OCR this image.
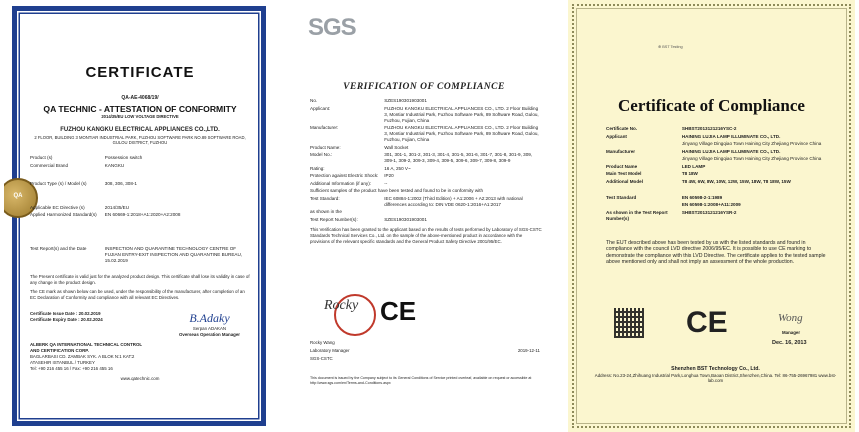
QA
CERTIFICATE
QA-AE-4068/19/
QA TECHNIC - ATTESTATION OF CONFORMITY
2014/35/EU LOW VOLTAGE DIRECTIVE
FUZHOU KANGKU ELECTRICAL APPLIANCES CO.,LTD.
2 FLOOR, BUILDING 3 MONTIAR INDUSTRIAL PARK, FUZHOU SOFTWARE PARK NO.89 SOFTWARE ROAD, GULOU DISTRICT, FUZHOU
Product (s)	Possession switch
Commercial Brand	KANGKU
Product Type (s) / Model (s)	308, 306, 308-1
Applicable EC Directive (s)	2014/35/EU
Applied Harmonized Standard(s)	EN 60669-1:2018+A1:2020+A2:2008
Test Report(s) and the Date	INSPECTION AND QUARANTINE TECHNOLOGY CENTRE OF FUJIAN ENTRY-EXIT INSPECTION AND QUARANTINE BUREAU, 15.02.2019
The Present certificate is valid just for the analyzed product design. This certificate shall lose its validity in case of any change in the product design.
The CE mark as shown below can be used, under the responsibility of the manufacturer, after completion of an EC Declaration of Conformity and compliance with all relevant EC Directives.
Certificate Issue Date : 20.02.2019
Certificate Expiry Date : 20.02.2024	B.Adaky
Serpan ADAKAN
Overseas Operation Manager
ALBERK QA INTERNATIONAL TECHNICAL CONTROL AND CERTIFICATION CORP.
BAGLARBASI CD. ZAMBAK SYK. A BLOK N:1 KAT:2 ATASEHIR ISTANBUL / TURKEY
Tel: +90 216 455 16 / Fax: +90 216 455 16
www.qatechnic.com
SGS
VERIFICATION OF COMPLIANCE
No.	SZES190301903001
Applicant:	FUZHOU KANGKU ELECTRICAL APPLIANCES CO., LTD. 2 Floor Building 3, Montiar Industrial Park, Fuzhou Software Park, 89 Software Road, Gulou, Fuzhou, Fujian, China
Manufacturer:	FUZHOU KANGKU ELECTRICAL APPLIANCES CO., LTD. 2 Floor Building 3, Montiar Industrial Park, Fuzhou Software Park, 89 Software Road, Gulou, Fuzhou, Fujian, China
Product Name:	Wall Socket
Model No.:	301, 301-1, 301-2, 301-3, 301-4, 301-5, 301-6, 301-7, 301-8, 301-9, 309, 309-1, 309-2, 309-3, 309-4, 309-5, 309-6, 309-7, 309-8, 309-9
Rating:	16 A, 250 V~
Protection against Electric Shock:	IP20
Additional Information (if any):	--
Sufficient samples of the product have been tested and found to be in conformity with
Test Standard:	IEC 60884-1:2002 (Third Edition) + A1:2006 + A2:2013 with national differences according to: DIN VDE 0620-1:2016+A1:2017
as shown in the
Test Report Number(s):	SZES190301903001
This Verification has been granted to the applicant based on the results of tests performed by Laboratory of SGS-CSTC Standards Technical Services Co., Ltd. on the sample of the above-mentioned product in accordance with the provisions of the relevant specific standards and the General Product Safety Directive 2001/95/EC.
Rocky CE
Rocky Wang
Laboratory Manager
SGS-CSTC
2019-12-11
This document is issued by the Company subject to its General Conditions of Service printed overleaf, available on request or accessible at http://www.sgs.com/en/Terms-and-Conditions.aspx
⊕ BST Testing
Certificate of Compliance
Certificate No.	SHBST2013121216YSC-2
Applicant	HAINING LUJIA LAMP ILLUMINATE CO., LTD.
Jinyang Village Dingqiao Town Haining City Zhejiang Province China
Manufacturer	HAINING LUJIA LAMP ILLUMINATE CO., LTD.
Jinyang Village Dingqiao Town Haining City Zhejiang Province China
Product Name	LED LAMP
Main Test Model	T8 18W
Additional Model	T8 4W, 6W, 8W, 10W, 12W, 15W, 18W, T8 18W, 15W
Test Standard	EN 60598-2-1:1989
EN 60598-1:2008+A11:2009
As shown in the Test Report Number(s)
SHBST2013121216YSR-2
The EUT described above has been tested by us with the listed standards and found in compliance with the council LVD directive 2006/95/EC. It is possible to use CE marking to demonstrate the compliance with this LVD Directive. The certificate applies to the tested sample above mentioned only and shall not imply an assessment of the whole production.
CE	Wong
Manager
Dec. 16, 2013
Shenzhen BST Technology Co., Ltd.
Address: No.23-24,Zhihuang Industrial Park,Longhua Town,Baoan District,Shenzhen,China. Tel: 86-755-26967981 www.bst-lab.com
